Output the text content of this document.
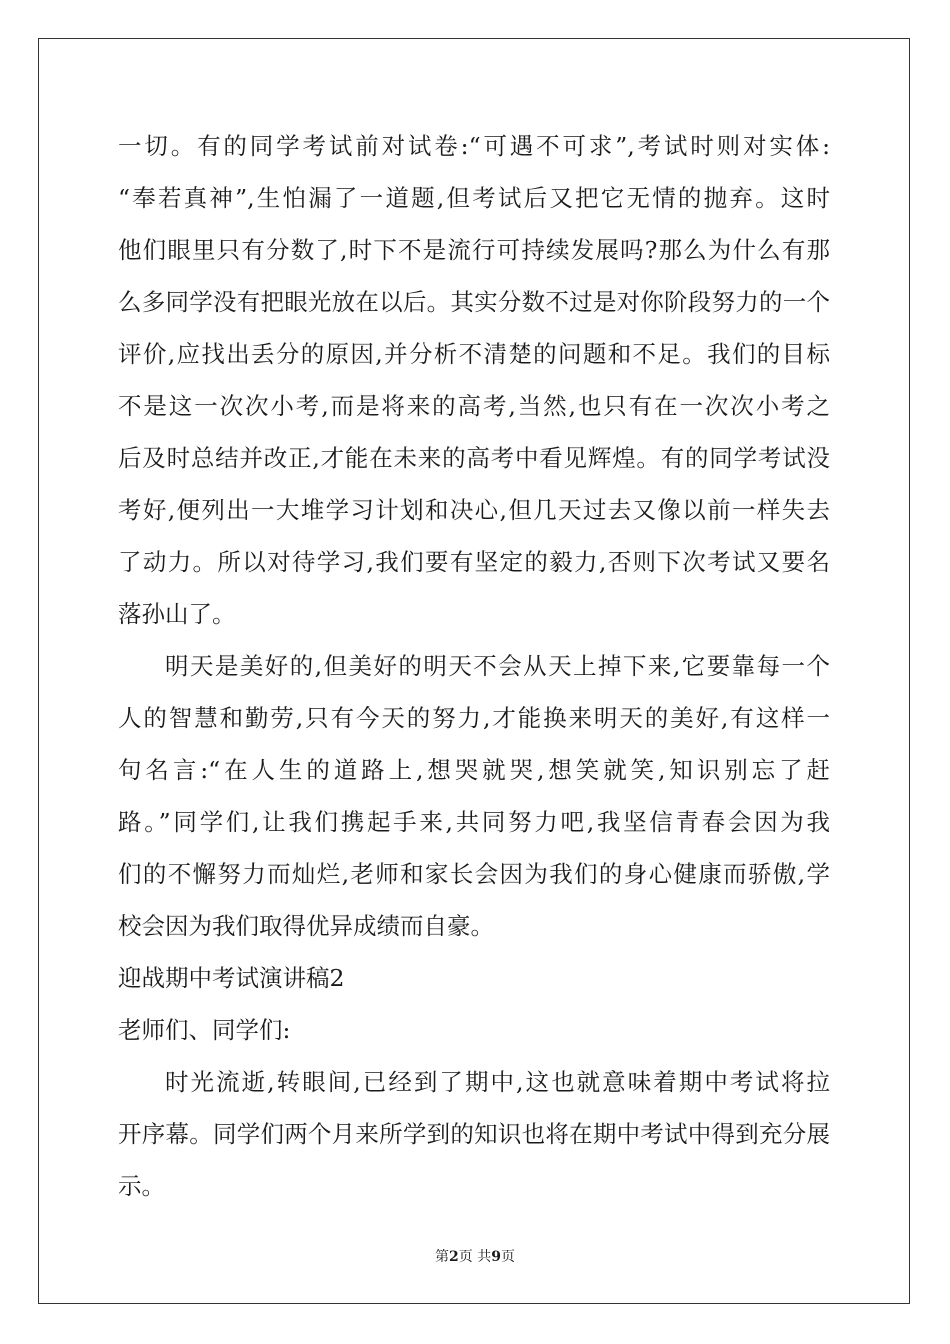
一切。有的同学考试前对试卷:“可遇不可求”,考试时则对实体:
“奉若真神”,生怕漏了一道题,但考试后又把它无情的抛弃。这时
他们眼里只有分数了,时下不是流行可持续发展吗?那么为什么有那
么多同学没有把眼光放在以后。其实分数不过是对你阶段努力的一个
评价,应找出丢分的原因,并分析不清楚的问题和不足。我们的目标
不是这一次次小考,而是将来的高考,当然,也只有在一次次小考之
后及时总结并改正,才能在未来的高考中看见辉煌。有的同学考试没
考好,便列出一大堆学习计划和决心,但几天过去又像以前一样失去
了动力。所以对待学习,我们要有坚定的毅力,否则下次考试又要名
落孙山了。
明天是美好的,但美好的明天不会从天上掉下来,它要靠每一个
人的智慧和勤劳,只有今天的努力,才能换来明天的美好,有这样一
句名言:“在人生的道路上,想哭就哭,想笑就笑,知识别忘了赶
路。”同学们,让我们携起手来,共同努力吧,我坚信青春会因为我
们的不懈努力而灿烂,老师和家长会因为我们的身心健康而骄傲,学
校会因为我们取得优异成绩而自豪。
迎战期中考试演讲稿2
老师们、同学们:
时光流逝,转眼间,已经到了期中,这也就意味着期中考试将拉
开序幕。同学们两个月来所学到的知识也将在期中考试中得到充分展
示。
第2页 共9页
